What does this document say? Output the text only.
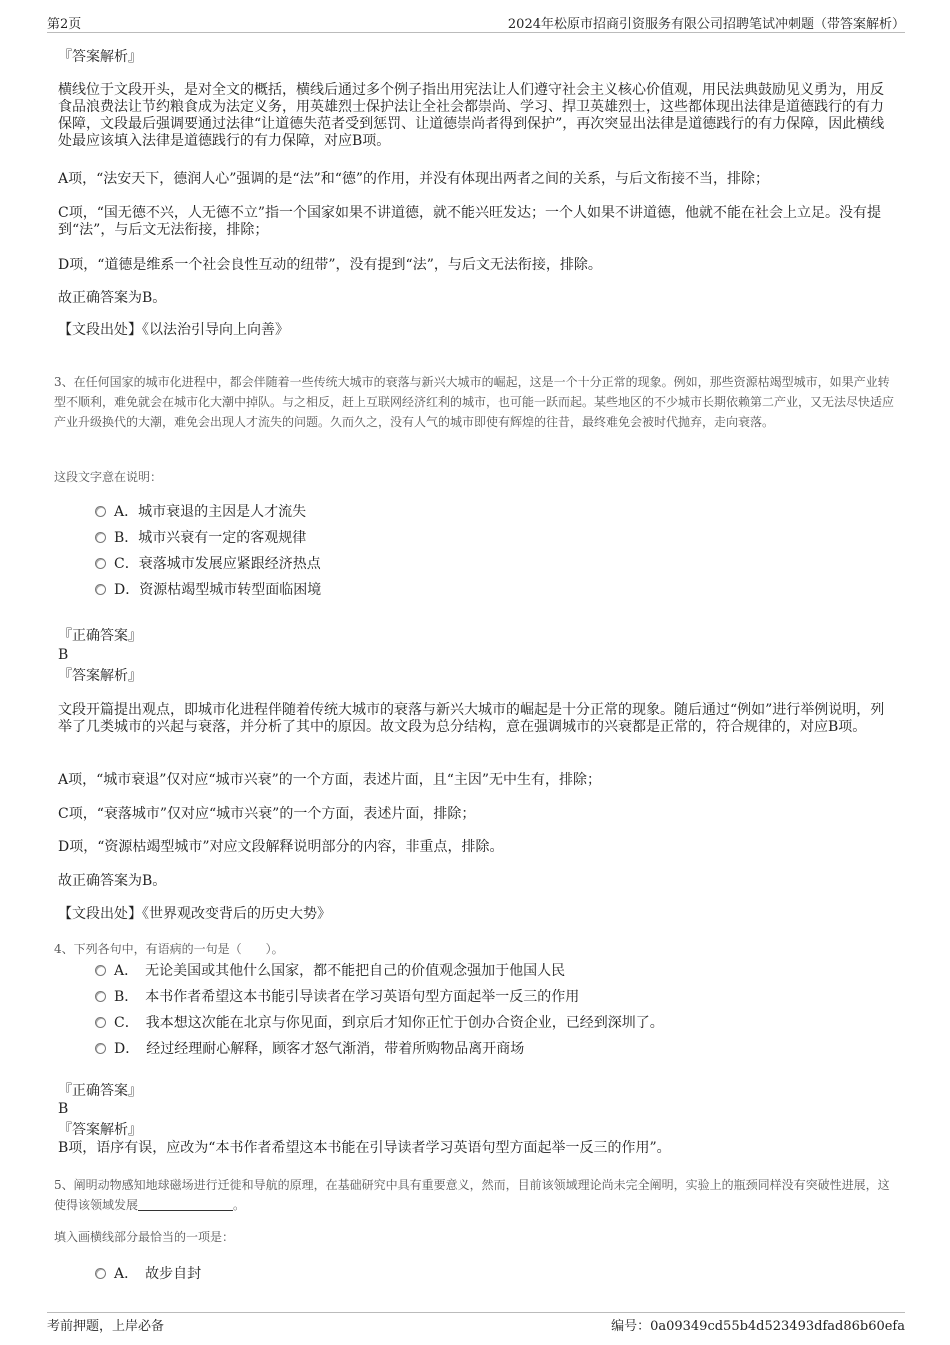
第2页	2024年松原市招商引资服务有限公司招聘笔试冲刺题（带答案解析）

『答案解析』

横线位于文段开头，是对全文的概括，横线后通过多个例子指出用宪法让人们遵守社会主义核心价值观，用民法典鼓励见义勇为，用反食品浪费法让节约粮食成为法定义务，用英雄烈士保护法让全社会都崇尚、学习、捍卫英雄烈士，这些都体现出法律是道德践行的有力保障，文段最后强调要通过法律“让道德失范者受到惩罚、让道德崇尚者得到保护”，再次突显出法律是道德践行的有力保障，因此横线处最应该填入法律是道德践行的有力保障，对应B项。

A项，“法安天下，德润人心”强调的是“法”和“德”的作用，并没有体现出两者之间的关系，与后文衔接不当，排除；

C项，“国无德不兴，人无德不立”指一个国家如果不讲道德，就不能兴旺发达；一个人如果不讲道德，他就不能在社会上立足。没有提到“法”，与后文无法衔接，排除；

D项，“道德是维系一个社会良性互动的纽带”，没有提到“法”，与后文无法衔接，排除。

故正确答案为B。

【文段出处】《以法治引导向上向善》

3、在任何国家的城市化进程中，都会伴随着一些传统大城市的衰落与新兴大城市的崛起，这是一个十分正常的现象。例如，那些资源枯竭型城市，如果产业转型不顺利，难免就会在城市化大潮中掉队。与之相反，赶上互联网经济红利的城市，也可能一跃而起。某些地区的不少城市长期依赖第二产业，又无法尽快适应产业升级换代的大潮，难免会出现人才流失的问题。久而久之，没有人气的城市即使有辉煌的往昔，最终难免会被时代抛弃，走向衰落。

这段文字意在说明：

A．城市衰退的主因是人才流失
B．城市兴衰有一定的客观规律
C．衰落城市发展应紧跟经济热点
D．资源枯竭型城市转型面临困境

『正确答案』

B

『答案解析』

文段开篇提出观点，即城市化进程伴随着传统大城市的衰落与新兴大城市的崛起是十分正常的现象。随后通过“例如”进行举例说明，列举了几类城市的兴起与衰落，并分析了其中的原因。故文段为总分结构，意在强调城市的兴衰都是正常的，符合规律的，对应B项。

A项，“城市衰退”仅对应“城市兴衰”的一个方面，表述片面，且“主因”无中生有，排除；

C项，“衰落城市”仅对应“城市兴衰”的一个方面，表述片面，排除；

D项，“资源枯竭型城市”对应文段解释说明部分的内容，非重点，排除。

故正确答案为B。

【文段出处】《世界观改变背后的历史大势》

4、下列各句中，有语病的一句是（　　）。

A．　无论美国或其他什么国家，都不能把自己的价值观念强加于他国人民
B．　本书作者希望这本书能引导读者在学习英语句型方面起举一反三的作用
C．　我本想这次能在北京与你见面，到京后才知你正忙于创办合资企业，已经到深圳了。
D．　经过经理耐心解释，顾客才怒气渐消，带着所购物品离开商场

『正确答案』

B

『答案解析』

B项，语序有误，应改为“本书作者希望这本书能在引导读者学习英语句型方面起举一反三的作用”。

5、阐明动物感知地球磁场进行迁徙和导航的原理，在基础研究中具有重要意义，然而，目前该领域理论尚未完全阐明，实验上的瓶颈同样没有突破性进展，这使得该领域发展	。

填入画横线部分最恰当的一项是：

A．　故步自封
考前押题，上岸必备	编号：0a09349cd55b4d523493dfad86b60efa
